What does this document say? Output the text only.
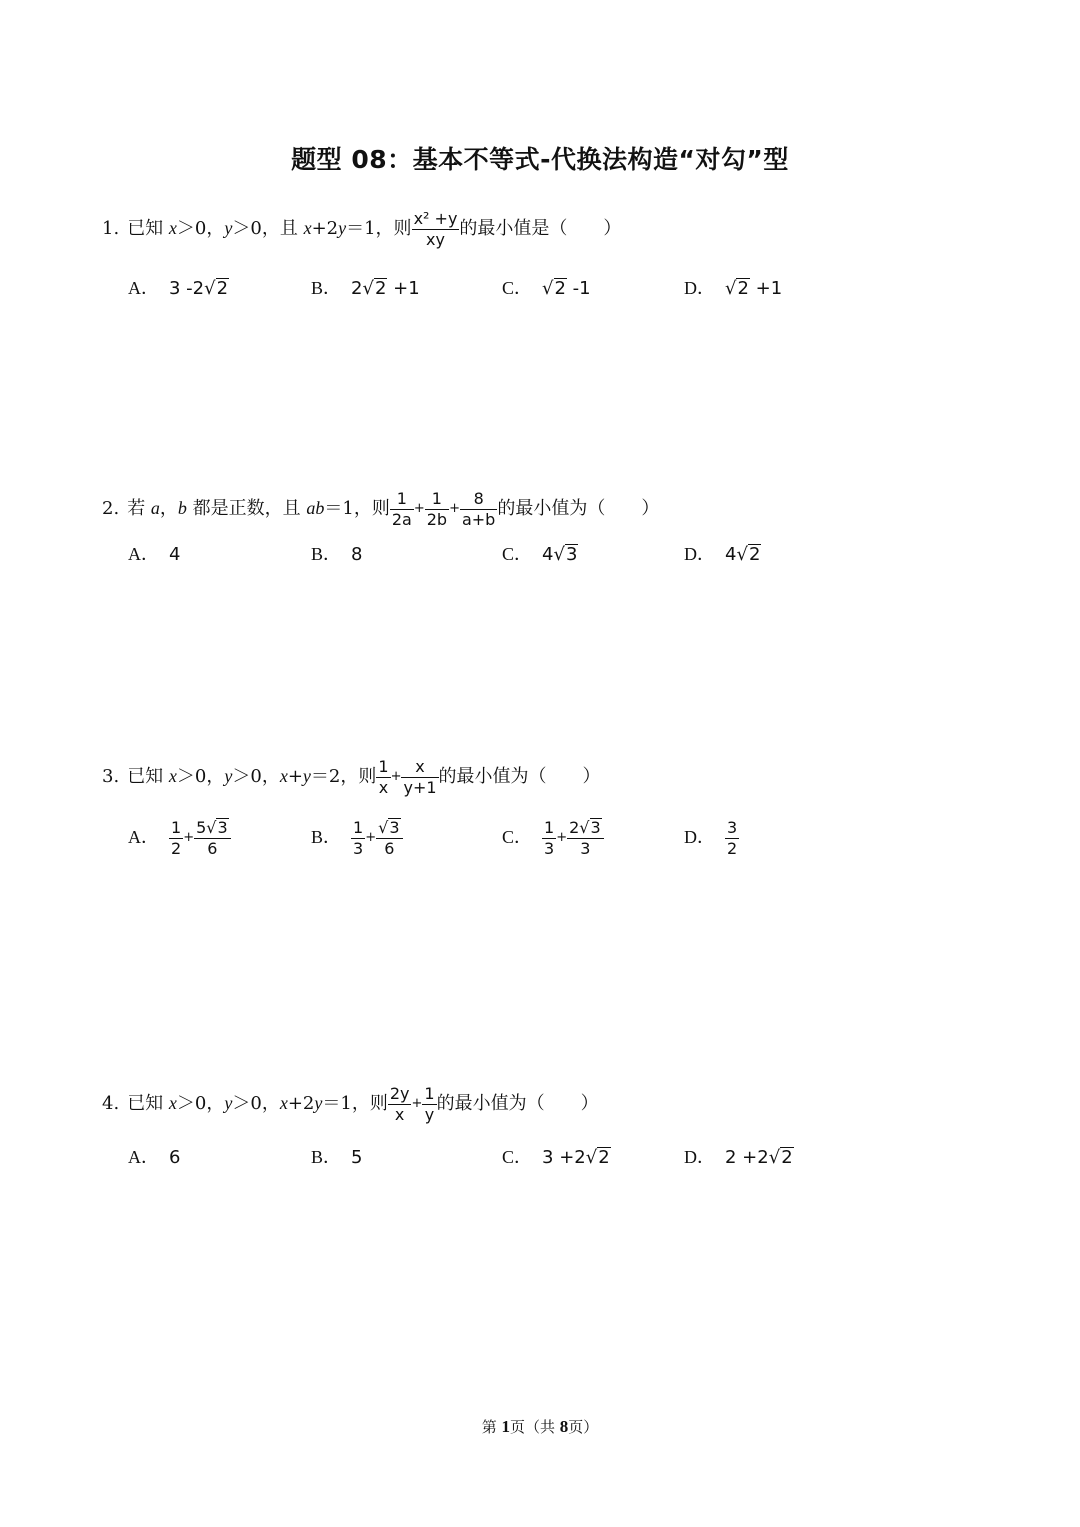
题型 08：基本不等式-代换法构造“对勾”型
1. 已知 x＞0，y＞0，且 x+2y＝1，则 $\frac{\text{x² +y}}{xy}$ 的最小值是（　　）
A． 3 -2√2	B． 2√2 +1	C． √2 -1	D． √2 +1
2. 若 a，b 都是正数，且 ab＝1，则 $\frac{1}{2a} + \frac{1}{2b} + \frac{8}{a+b}$ 的最小值为（　　）
A． 4	B． 8	C． 4√3	D． 4√2
3. 已知 x＞0，y＞0，x+y＝2，则 $\frac{1}{x} + \frac{x}{y+1}$ 的最小值为（　　）
A． $\frac{1}{2} + \frac{5√3}{6}$	B． $\frac{1}{3} + \frac{√3}{6}$	C． $\frac{1}{3} + \frac{2√3}{3}$	D． $\frac{3}{2}$
4. 已知 x＞0，y＞0，x+2y＝1，则 $\frac{2y}{x} + \frac{1}{y}$ 的最小值为（　　）
A． 6	B． 5	C． 3 +2√2	D． 2 +2√2
第 1页（共 8页）
